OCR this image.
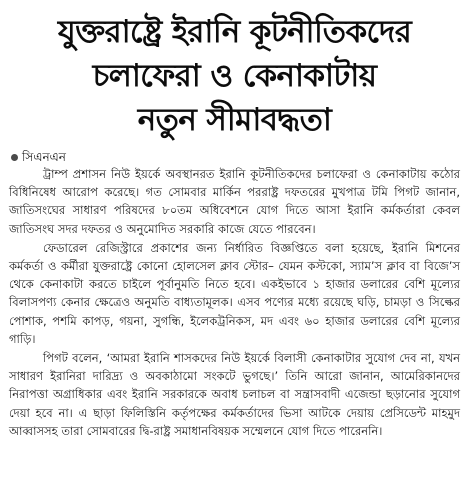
যুক্তরাষ্ট্রে ইরানি কূটনীতিকদের
চলাফেরা ও কেনাকাটায়
নতুন সীমাবদ্ধতা
সিএনএন

ট্রাম্প প্রশাসন নিউ ইয়র্কে অবস্থানরত ইরানি কূটনীতিকদের চলাফেরা ও কেনাকাটায় কঠোর বিধিনিষেধ আরোপ করেছে। গত সোমবার মার্কিন পররাষ্ট্র দফতরের মুখপাত্র টমি পিগট জানান, জাতিসংঘের সাধারণ পরিষদের ৮০তম অধিবেশনে যোগ দিতে আসা ইরানি কর্মকর্তারা কেবল জাতিসংঘ সদর দফতর ও অনুমোদিত সরকারি কাজে যেতে পারবেন।

ফেডারেল রেজিস্ট্রারে প্রকাশের জন্য নির্ধারিত বিজ্ঞপ্তিতে বলা হয়েছে, ইরানি মিশনের কর্মকর্তা ও কর্মীরা যুক্তরাষ্ট্রে কোনো হোলসেল ক্লাব স্টোর– যেমন কস্টকো, স্যাম’স ক্লাব বা বিজে’স থেকে কেনাকাটা করতে চাইলে পূর্বানুমতি নিতে হবে। একইভাবে ১ হাজার ডলারের বেশি মূল্যের বিলাসপণ্য কেনার ক্ষেত্রেও অনুমতি বাধ্যতামূলক। এসব পণ্যের মধ্যে রয়েছে ঘড়ি, চামড়া ও সিল্কের পোশাক, পশমি কাপড়, গয়না, সুগন্ধি, ইলেকট্রনিকস, মদ এবং ৬০ হাজার ডলারের বেশি মূল্যের গাড়ি।

পিগট বলেন, ‘আমরা ইরানি শাসকদের নিউ ইয়র্কে বিলাসী কেনাকাটার সুযোগ দেব না, যখন সাধারণ ইরানিরা দারিদ্র্য ও অবকাঠামো সংকটে ভুগছে।’ তিনি আরো জানান, আমেরিকানদের নিরাপত্তা অগ্রাধিকার এবং ইরানি সরকারকে অবাধ চলাচল বা সন্ত্রাসবাদী এজেন্ডা ছড়ানোর সুযোগ দেয়া হবে না। এ ছাড়া ফিলিস্তিনি কর্তৃপক্ষের কর্মকর্তাদের ভিসা আটকে দেয়ায় প্রেসিডেন্ট মাহমুদ আব্বাসসহ তারা সোমবারের দ্বি-রাষ্ট্র সমাধানবিষয়ক সম্মেলনে যোগ দিতে পারেননি।
